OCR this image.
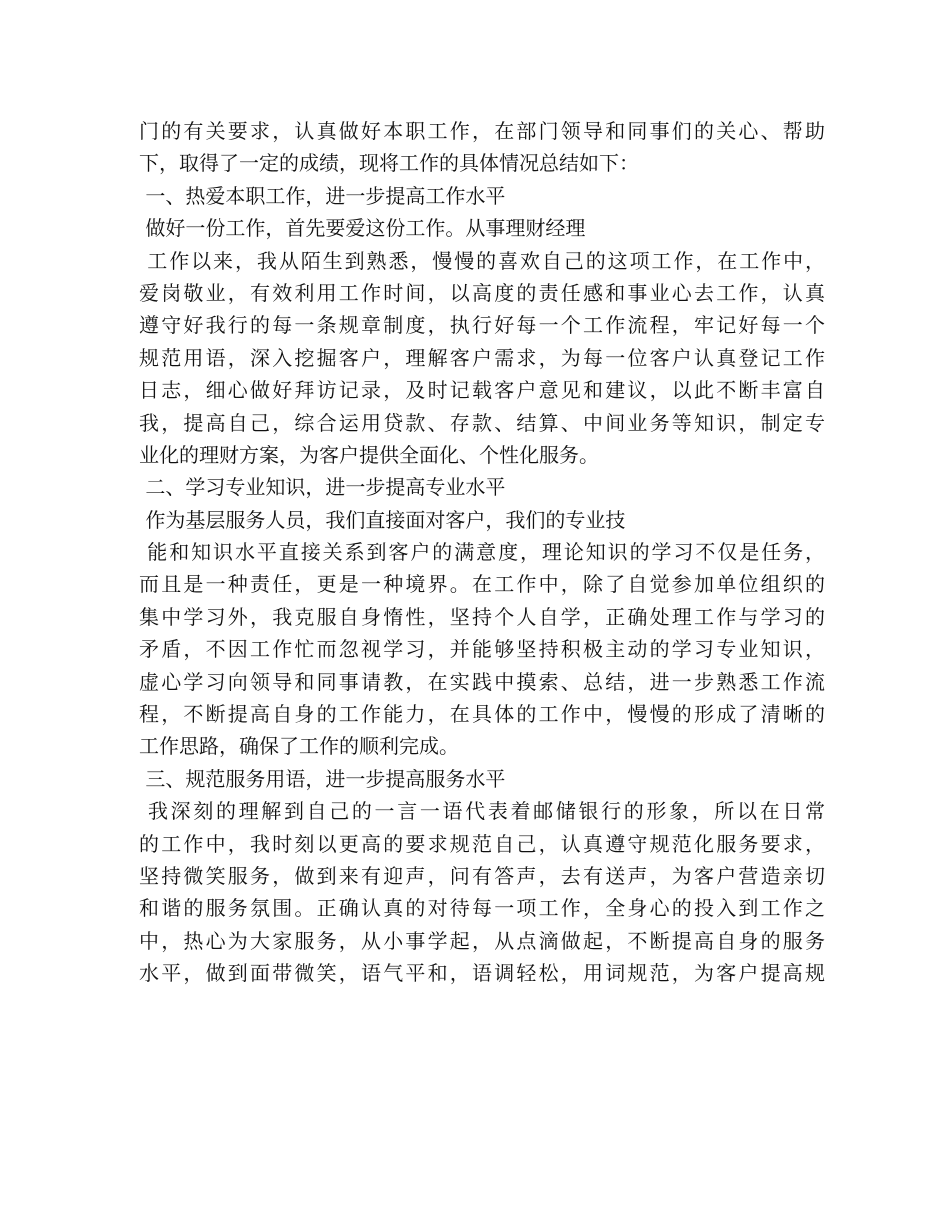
门的有关要求，认真做好本职工作，在部门领导和同事们的关心、帮助
下，取得了一定的成绩，现将工作的具体情况总结如下：
一、热爱本职工作，进一步提高工作水平
做好一份工作，首先要爱这份工作。从事理财经理
工作以来，我从陌生到熟悉，慢慢的喜欢自己的这项工作，在工作中，
爱岗敬业，有效利用工作时间，以高度的责任感和事业心去工作，认真
遵守好我行的每一条规章制度，执行好每一个工作流程，牢记好每一个
规范用语，深入挖掘客户，理解客户需求，为每一位客户认真登记工作
日志，细心做好拜访记录，及时记载客户意见和建议，以此不断丰富自
我，提高自己，综合运用贷款、存款、结算、中间业务等知识，制定专
业化的理财方案，为客户提供全面化、个性化服务。
二、学习专业知识，进一步提高专业水平
作为基层服务人员，我们直接面对客户，我们的专业技
能和知识水平直接关系到客户的满意度，理论知识的学习不仅是任务，
而且是一种责任，更是一种境界。在工作中，除了自觉参加单位组织的
集中学习外，我克服自身惰性，坚持个人自学，正确处理工作与学习的
矛盾，不因工作忙而忽视学习，并能够坚持积极主动的学习专业知识，
虚心学习向领导和同事请教，在实践中摸索、总结，进一步熟悉工作流
程，不断提高自身的工作能力，在具体的工作中，慢慢的形成了清晰的
工作思路，确保了工作的顺利完成。
三、规范服务用语，进一步提高服务水平
我深刻的理解到自己的一言一语代表着邮储银行的形象，所以在日常
的工作中，我时刻以更高的要求规范自己，认真遵守规范化服务要求，
坚持微笑服务，做到来有迎声，问有答声，去有送声，为客户营造亲切
和谐的服务氛围。正确认真的对待每一项工作，全身心的投入到工作之
中，热心为大家服务，从小事学起，从点滴做起，不断提高自身的服务
水平，做到面带微笑，语气平和，语调轻松，用词规范，为客户提高规
